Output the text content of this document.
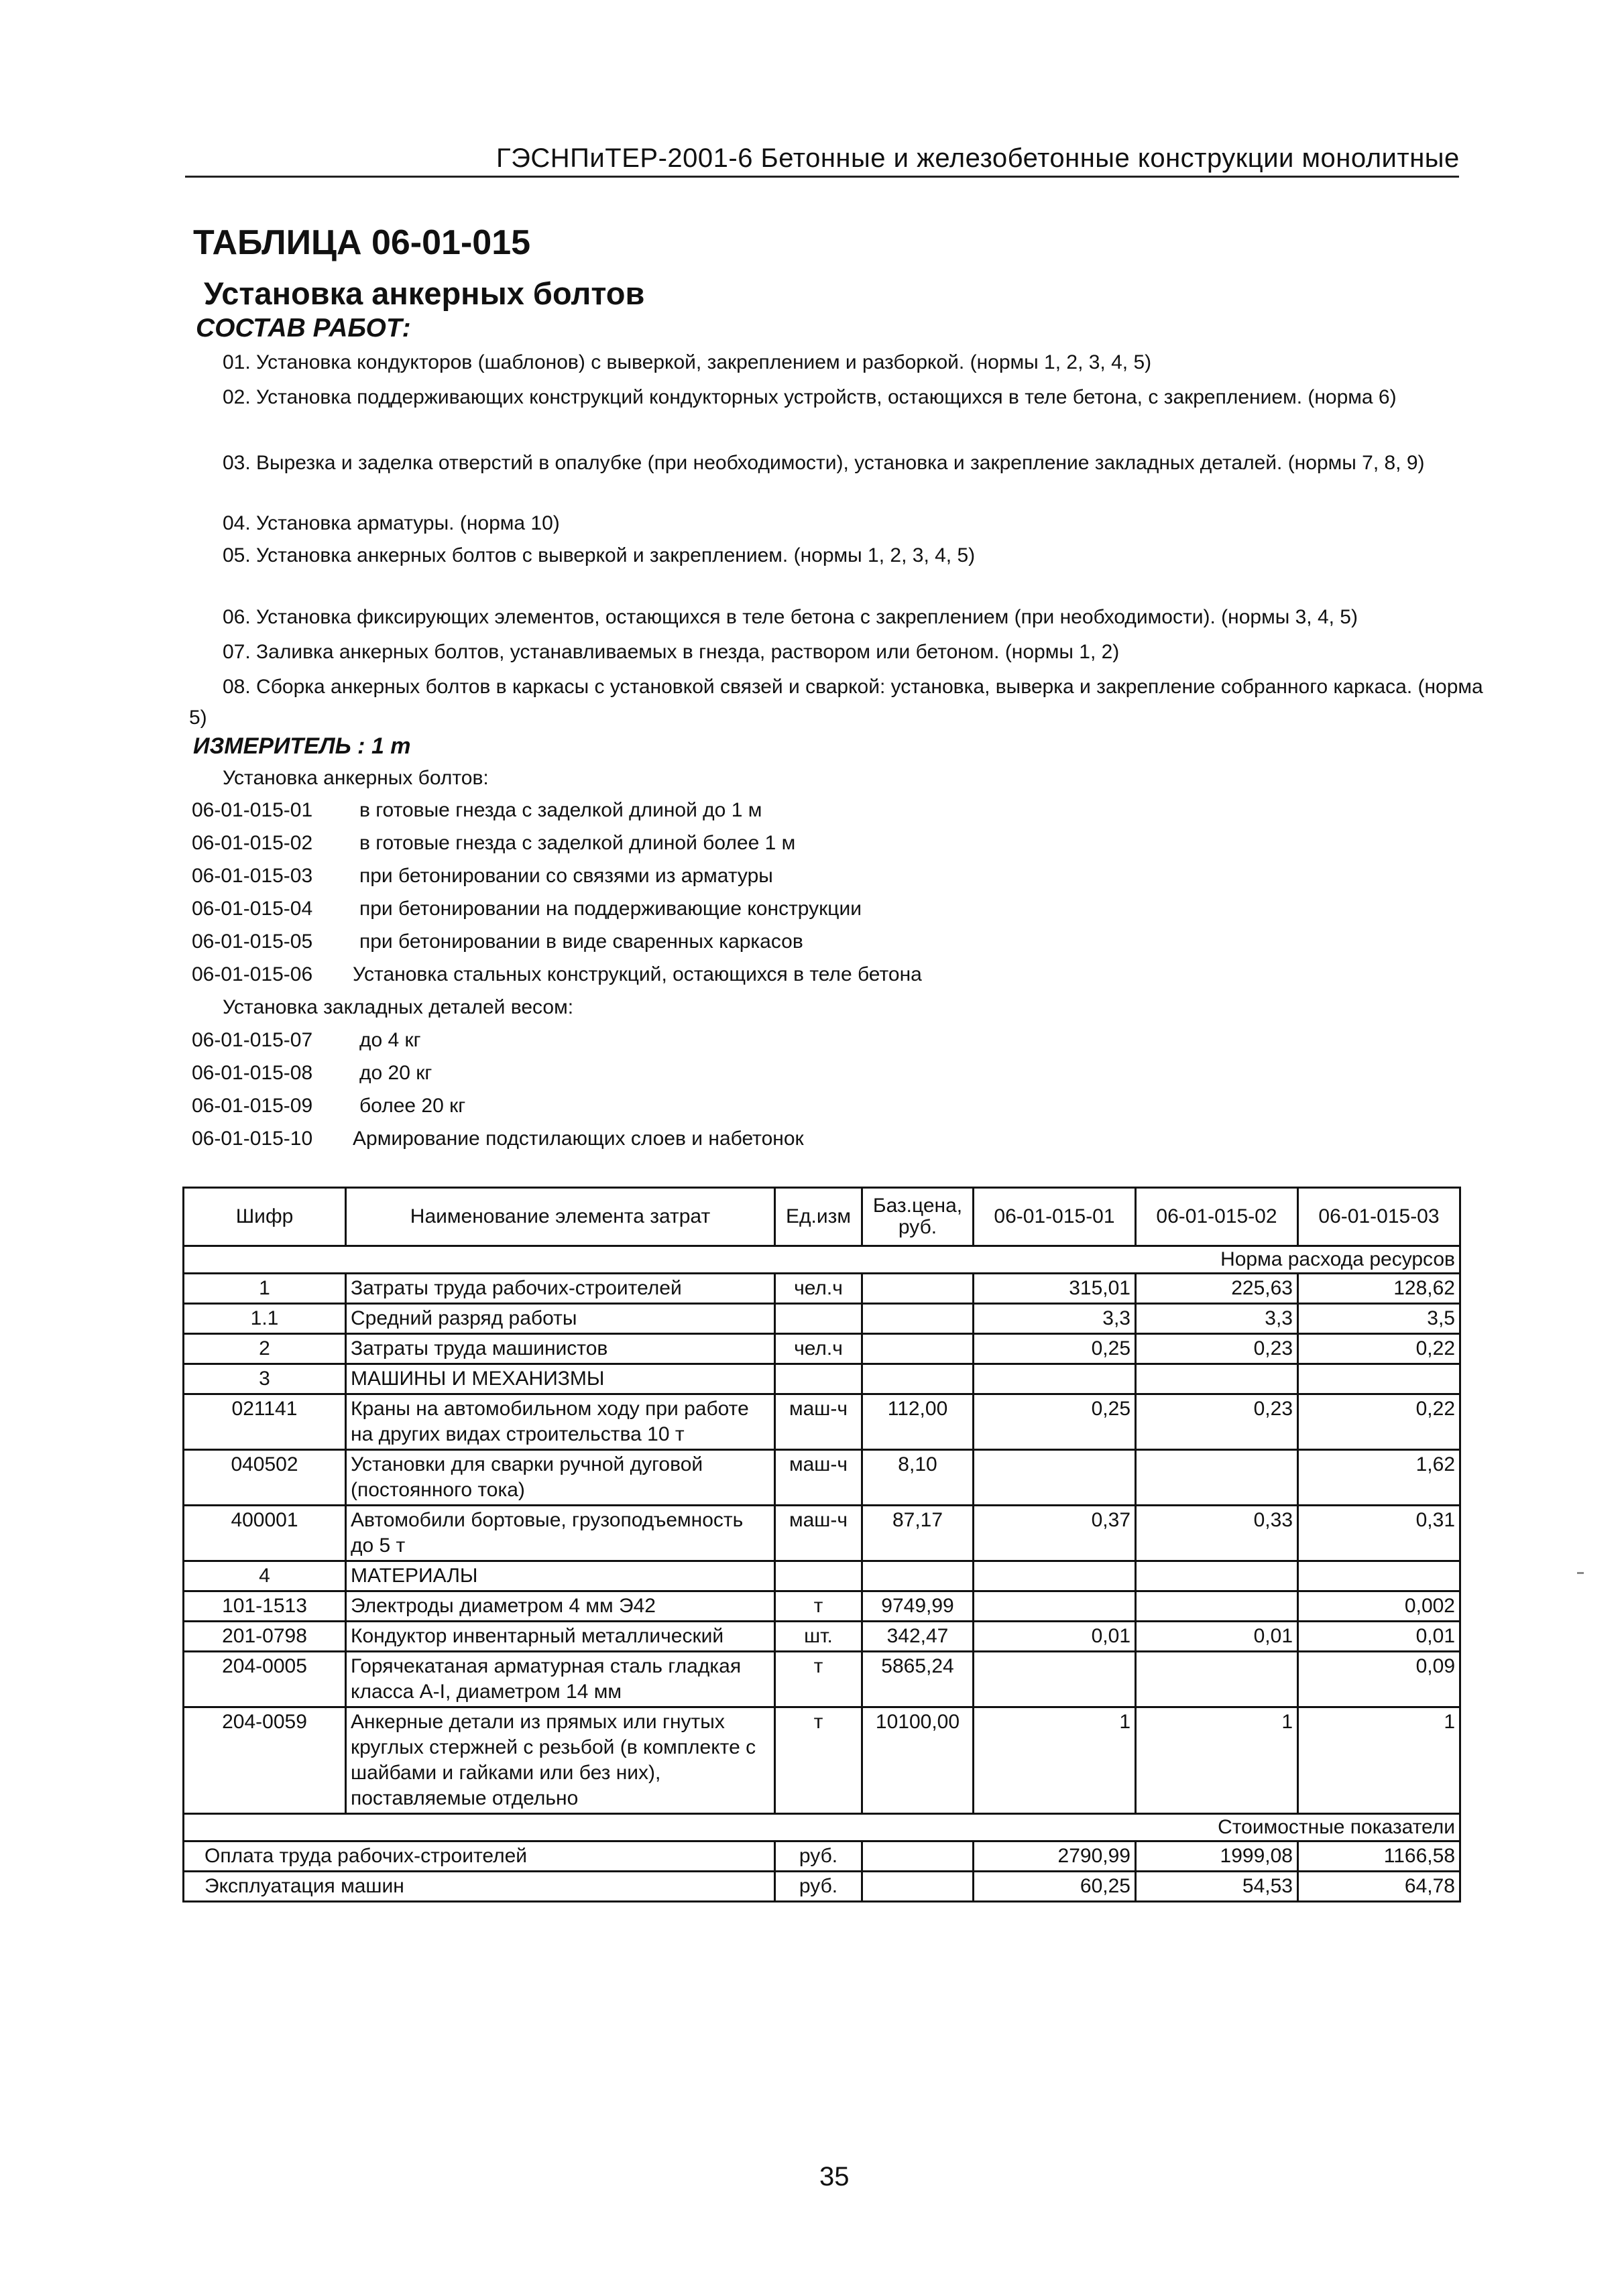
ГЭСНПиТЕР-2001-6 Бетонные и железобетонные конструкции монолитные
ТАБЛИЦА 06-01-015
Установка анкерных болтов
СОСТАВ РАБОТ:
01. Установка кондукторов (шаблонов) с выверкой, закреплением и разборкой. (нормы 1, 2, 3, 4, 5)
02. Установка поддерживающих конструкций кондукторных устройств, остающихся в теле бетона, с закреплением. (норма 6)
03. Вырезка и заделка отверстий в опалубке (при необходимости), установка и закрепление закладных деталей. (нормы 7, 8, 9)
04. Установка арматуры. (норма 10)
05. Установка анкерных болтов с выверкой и закреплением. (нормы 1, 2, 3, 4, 5)
06. Установка фиксирующих элементов, остающихся в теле бетона с закреплением (при необходимости). (нормы 3, 4, 5)
07. Заливка анкерных болтов, устанавливаемых в гнезда, раствором или бетоном. (нормы 1, 2)
08. Сборка анкерных болтов в каркасы с установкой связей и сваркой: установка, выверка и закрепление собранного каркаса. (норма 5)
ИЗМЕРИТЕЛЬ : 1 т
Установка анкерных болтов:
06-01-015-01 в готовые гнезда с заделкой длиной до 1 м
06-01-015-02 в готовые гнезда с заделкой длиной более 1 м
06-01-015-03 при бетонировании со связями из арматуры
06-01-015-04 при бетонировании на поддерживающие конструкции
06-01-015-05 при бетонировании в виде сваренных каркасов
06-01-015-06 Установка стальных конструкций, остающихся в теле бетона
Установка закладных деталей весом:
06-01-015-07 до 4 кг
06-01-015-08 до 20 кг
06-01-015-09 более 20 кг
06-01-015-10 Армирование подстилающих слоев и набетонок
Шифр	Наименование элемента затрат	Ед.изм	Баз.цена, руб.	06-01-015-01	06-01-015-02	06-01-015-03
Норма расхода ресурсов						
1	Затраты труда рабочих-строителей	чел.ч		315,01	225,63	128,62
1.1	Средний разряд работы			3,3	3,3	3,5
2	Затраты труда машинистов	чел.ч		0,25	0,23	0,22
3	МАШИНЫ И МЕХАНИЗМЫ					
021141	Краны на автомобильном ходу при работе на других видах строительства 10 т	маш-ч	112,00	0,25	0,23	0,22
040502	Установки для сварки ручной дуговой (постоянного тока)	маш-ч	8,10			1,62
400001	Автомобили бортовые, грузоподъемность до 5 т	маш-ч	87,17	0,37	0,33	0,31
4	МАТЕРИАЛЫ					
101-1513	Электроды диаметром 4 мм Э42	т	9749,99			0,002
201-0798	Кондуктор инвентарный металлический	шт.	342,47	0,01	0,01	0,01
204-0005	Горячекатаная арматурная сталь гладкая класса А-I, диаметром 14 мм	т	5865,24			0,09
204-0059	Анкерные детали из прямых или гнутых круглых стержней с резьбой (в комплекте с шайбами и гайками или без них), поставляемые отдельно	т	10100,00	1	1	1
Стоимостные показатели						
Оплата труда рабочих-строителей		руб.		2790,99	1999,08	1166,58
Эксплуатация машин		руб.		60,25	54,53	64,78
35
